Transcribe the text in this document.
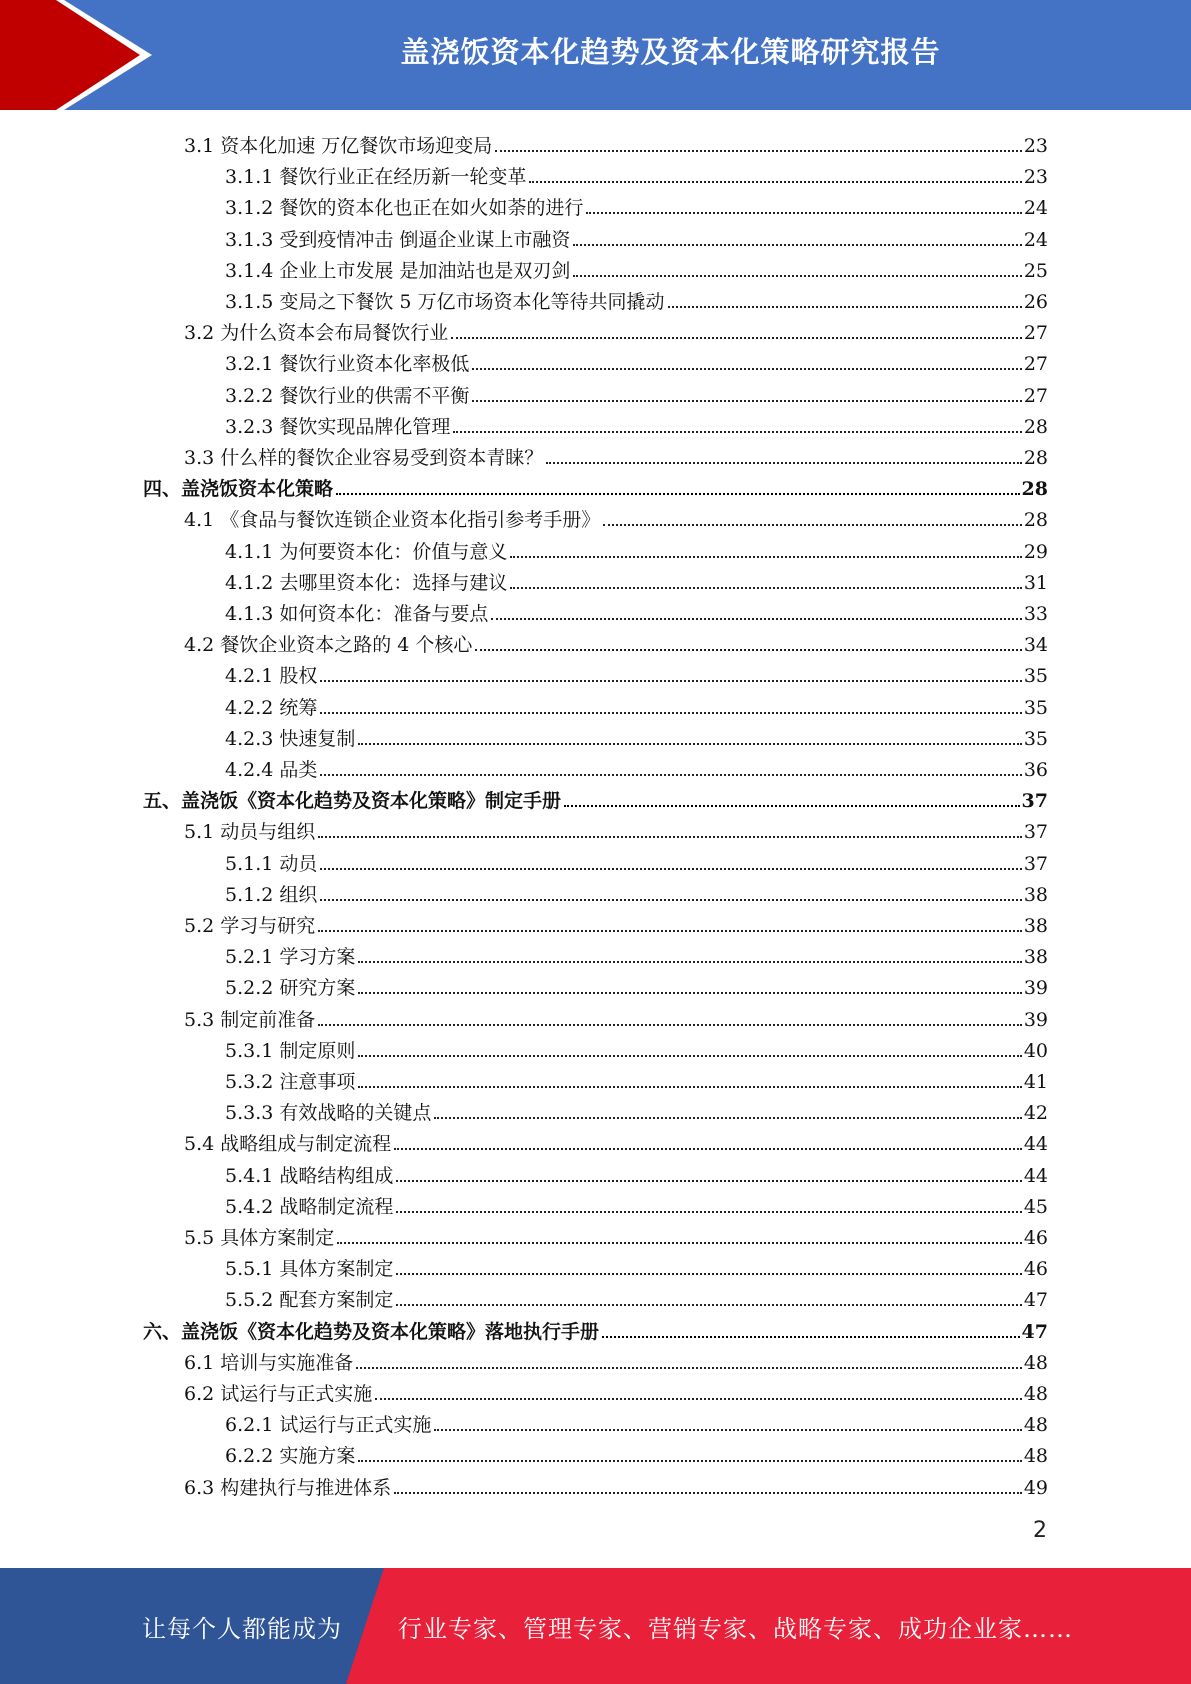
盖浇饭资本化趋势及资本化策略研究报告
3.1 资本化加速 万亿餐饮市场迎变局	23
3.1.1 餐饮行业正在经历新一轮变革	23
3.1.2 餐饮的资本化也正在如火如荼的进行	24
3.1.3 受到疫情冲击 倒逼企业谋上市融资	24
3.1.4 企业上市发展 是加油站也是双刃剑	25
3.1.5 变局之下餐饮 5 万亿市场资本化等待共同撬动	26
3.2 为什么资本会布局餐饮行业	27
3.2.1 餐饮行业资本化率极低	27
3.2.2 餐饮行业的供需不平衡	27
3.2.3 餐饮实现品牌化管理	28
3.3 什么样的餐饮企业容易受到资本青睐？	28
四、盖浇饭资本化策略	28
4.1 《食品与餐饮连锁企业资本化指引参考手册》	28
4.1.1 为何要资本化：价值与意义	29
4.1.2 去哪里资本化：选择与建议	31
4.1.3 如何资本化：准备与要点	33
4.2 餐饮企业资本之路的 4 个核心	34
4.2.1 股权	35
4.2.2 统筹	35
4.2.3 快速复制	35
4.2.4 品类	36
五、盖浇饭《资本化趋势及资本化策略》制定手册	37
5.1 动员与组织	37
5.1.1 动员	37
5.1.2 组织	38
5.2 学习与研究	38
5.2.1 学习方案	38
5.2.2 研究方案	39
5.3 制定前准备	39
5.3.1 制定原则	40
5.3.2 注意事项	41
5.3.3 有效战略的关键点	42
5.4 战略组成与制定流程	44
5.4.1 战略结构组成	44
5.4.2 战略制定流程	45
5.5 具体方案制定	46
5.5.1 具体方案制定	46
5.5.2 配套方案制定	47
六、盖浇饭《资本化趋势及资本化策略》落地执行手册	47
6.1 培训与实施准备	48
6.2 试运行与正式实施	48
6.2.1 试运行与正式实施	48
6.2.2 实施方案	48
6.3 构建执行与推进体系	49
2
让每个人都能成为 行业专家、管理专家、营销专家、战略专家、成功企业家……
